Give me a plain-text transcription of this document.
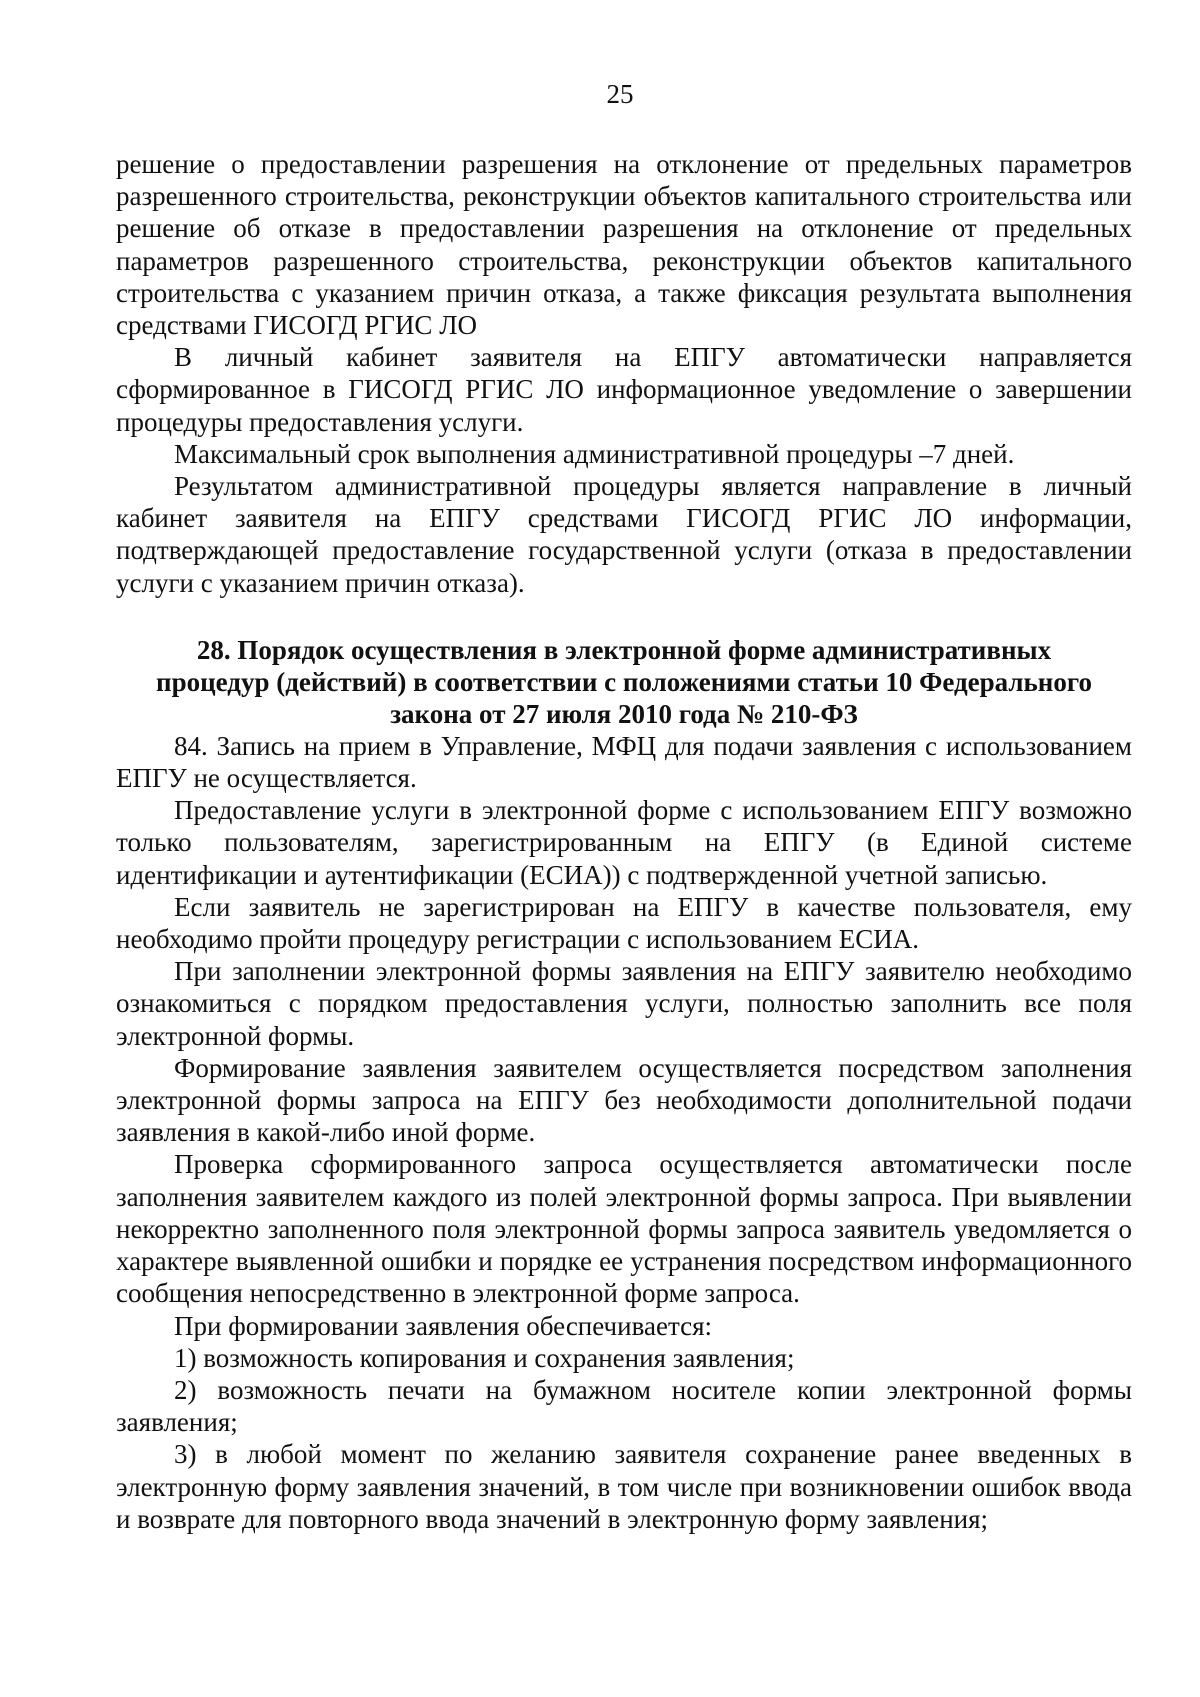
25

решение о предоставлении разрешения на отклонение от предельных параметров разрешенного строительства, реконструкции объектов капитального строительства или решение об отказе в предоставлении разрешения на отклонение от предельных параметров разрешенного строительства, реконструкции объектов капитального строительства с указанием причин отказа, а также фиксация результата выполнения средствами ГИСОГД РГИС ЛО

В личный кабинет заявителя на ЕПГУ автоматически направляется сформированное в ГИСОГД РГИС ЛО информационное уведомление о завершении процедуры предоставления услуги.

Максимальный срок выполнения административной процедуры –7 дней.

Результатом административной процедуры является направление в личный кабинет заявителя на ЕПГУ средствами ГИСОГД РГИС ЛО информации, подтверждающей предоставление государственной услуги (отказа в предоставлении услуги с указанием причин отказа).

28. Порядок осуществления в электронной форме административных
процедур (действий) в соответствии с положениями статьи 10 Федерального
закона от 27 июля 2010 года № 210-ФЗ

84. Запись на прием в Управление, МФЦ для подачи заявления с использованием ЕПГУ не осуществляется.

Предоставление услуги в электронной форме с использованием ЕПГУ возможно только пользователям, зарегистрированным на ЕПГУ (в Единой системе идентификации и аутентификации (ЕСИА)) с подтвержденной учетной записью.

Если заявитель не зарегистрирован на ЕПГУ в качестве пользователя, ему необходимо пройти процедуру регистрации с использованием ЕСИА.

При заполнении электронной формы заявления на ЕПГУ заявителю необходимо ознакомиться с порядком предоставления услуги, полностью заполнить все поля электронной формы.

Формирование заявления заявителем осуществляется посредством заполнения электронной формы запроса на ЕПГУ без необходимости дополнительной подачи заявления в какой-либо иной форме.

Проверка сформированного запроса осуществляется автоматически после заполнения заявителем каждого из полей электронной формы запроса. При выявлении некорректно заполненного поля электронной формы запроса заявитель уведомляется о характере выявленной ошибки и порядке ее устранения посредством информационного сообщения непосредственно в электронной форме запроса.

При формировании заявления обеспечивается:

1) возможность копирования и сохранения заявления;

2) возможность печати на бумажном носителе копии электронной формы заявления;

3) в любой момент по желанию заявителя сохранение ранее введенных в электронную форму заявления значений, в том числе при возникновении ошибок ввода и возврате для повторного ввода значений в электронную форму заявления;
